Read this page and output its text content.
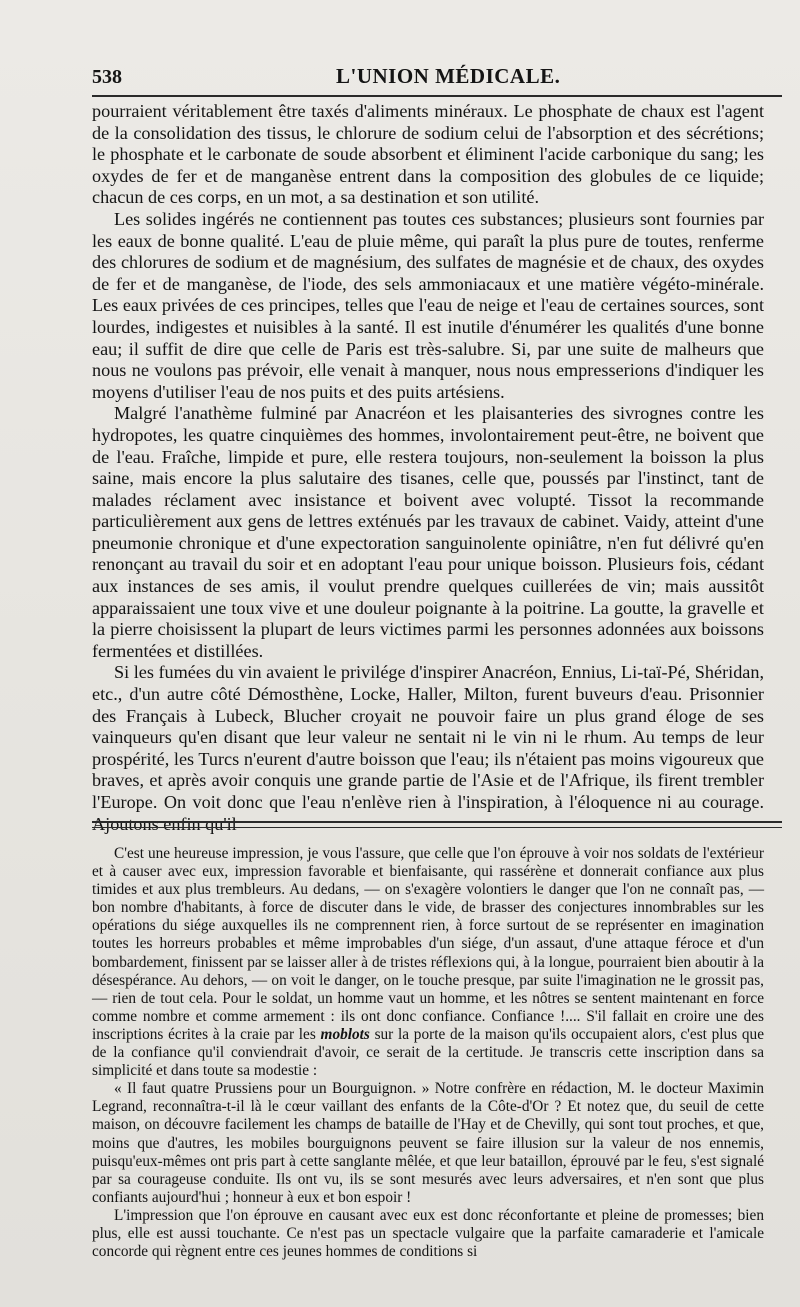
538	L'UNION MÉDICALE.

pourraient véritablement être taxés d'aliments minéraux. Le phosphate de chaux est l'agent de la consolidation des tissus, le chlorure de sodium celui de l'absorption et des sécrétions; le phosphate et le carbonate de soude absorbent et éliminent l'acide carbonique du sang; les oxydes de fer et de manganèse entrent dans la composition des globules de ce liquide; chacun de ces corps, en un mot, a sa destination et son utilité.

Les solides ingérés ne contiennent pas toutes ces substances; plusieurs sont fournies par les eaux de bonne qualité. L'eau de pluie même, qui paraît la plus pure de toutes, renferme des chlorures de sodium et de magnésium, des sulfates de magnésie et de chaux, des oxydes de fer et de manganèse, de l'iode, des sels ammoniacaux et une matière végéto-minérale. Les eaux privées de ces principes, telles que l'eau de neige et l'eau de certaines sources, sont lourdes, indigestes et nuisibles à la santé. Il est inutile d'énumérer les qualités d'une bonne eau; il suffit de dire que celle de Paris est très-salubre. Si, par une suite de malheurs que nous ne voulons pas prévoir, elle venait à manquer, nous nous empresserions d'indiquer les moyens d'utiliser l'eau de nos puits et des puits artésiens.

Malgré l'anathème fulminé par Anacréon et les plaisanteries des sivrognes contre les hydropotes, les quatre cinquièmes des hommes, involontairement peut-être, ne boivent que de l'eau. Fraîche, limpide et pure, elle restera toujours, non-seulement la boisson la plus saine, mais encore la plus salutaire des tisanes, celle que, poussés par l'instinct, tant de malades réclament avec insistance et boivent avec volupté. Tissot la recommande particulièrement aux gens de lettres exténués par les travaux de cabinet. Vaidy, atteint d'une pneumonie chronique et d'une expectoration sanguinolente opiniâtre, n'en fut délivré qu'en renonçant au travail du soir et en adoptant l'eau pour unique boisson. Plusieurs fois, cédant aux instances de ses amis, il voulut prendre quelques cuillerées de vin; mais aussitôt apparaissaient une toux vive et une douleur poignante à la poitrine. La goutte, la gravelle et la pierre choisissent la plupart de leurs victimes parmi les personnes adonnées aux boissons fermentées et distillées.

Si les fumées du vin avaient le privilége d'inspirer Anacréon, Ennius, Li-taï-Pé, Shéridan, etc., d'un autre côté Démosthène, Locke, Haller, Milton, furent buveurs d'eau. Prisonnier des Français à Lubeck, Blucher croyait ne pouvoir faire un plus grand éloge de ses vainqueurs qu'en disant que leur valeur ne sentait ni le vin ni le rhum. Au temps de leur prospérité, les Turcs n'eurent d'autre boisson que l'eau; ils n'étaient pas moins vigoureux que braves, et après avoir conquis une grande partie de l'Asie et de l'Afrique, ils firent trembler l'Europe. On voit donc que l'eau n'enlève rien à l'inspiration, à l'éloquence ni au courage. Ajoutons enfin qu'il

C'est une heureuse impression, je vous l'assure, que celle que l'on éprouve à voir nos soldats de l'extérieur et à causer avec eux, impression favorable et bienfaisante, qui rassérène et donnerait confiance aux plus timides et aux plus trembleurs. Au dedans, — on s'exagère volontiers le danger que l'on ne connaît pas, — bon nombre d'habitants, à force de discuter dans le vide, de brasser des conjectures innombrables sur les opérations du siége auxquelles ils ne comprennent rien, à force surtout de se représenter en imagination toutes les horreurs probables et même improbables d'un siége, d'un assaut, d'une attaque féroce et d'un bombardement, finissent par se laisser aller à de tristes réflexions qui, à la longue, pourraient bien aboutir à la désespérance. Au dehors, — on voit le danger, on le touche presque, par suite l'imagination ne le grossit pas, — rien de tout cela. Pour le soldat, un homme vaut un homme, et les nôtres se sentent maintenant en force comme nombre et comme armement : ils ont donc confiance. Confiance !.... S'il fallait en croire une des inscriptions écrites à la craie par les moblots sur la porte de la maison qu'ils occupaient alors, c'est plus que de la confiance qu'il conviendrait d'avoir, ce serait de la certitude. Je transcris cette inscription dans sa simplicité et dans toute sa modestie :

« Il faut quatre Prussiens pour un Bourguignon. » Notre confrère en rédaction, M. le docteur Maximin Legrand, reconnaîtra-t-il là le cœur vaillant des enfants de la Côte-d'Or ? Et notez que, du seuil de cette maison, on découvre facilement les champs de bataille de l'Hay et de Chevilly, qui sont tout proches, et que, moins que d'autres, les mobiles bourguignons peuvent se faire illusion sur la valeur de nos ennemis, puisqu'eux-mêmes ont pris part à cette sanglante mêlée, et que leur bataillon, éprouvé par le feu, s'est signalé par sa courageuse conduite. Ils ont vu, ils se sont mesurés avec leurs adversaires, et n'en sont que plus confiants aujourd'hui ; honneur à eux et bon espoir !

L'impression que l'on éprouve en causant avec eux est donc réconfortante et pleine de promesses; bien plus, elle est aussi touchante. Ce n'est pas un spectacle vulgaire que la parfaite camaraderie et l'amicale concorde qui règnent entre ces jeunes hommes de conditions si
